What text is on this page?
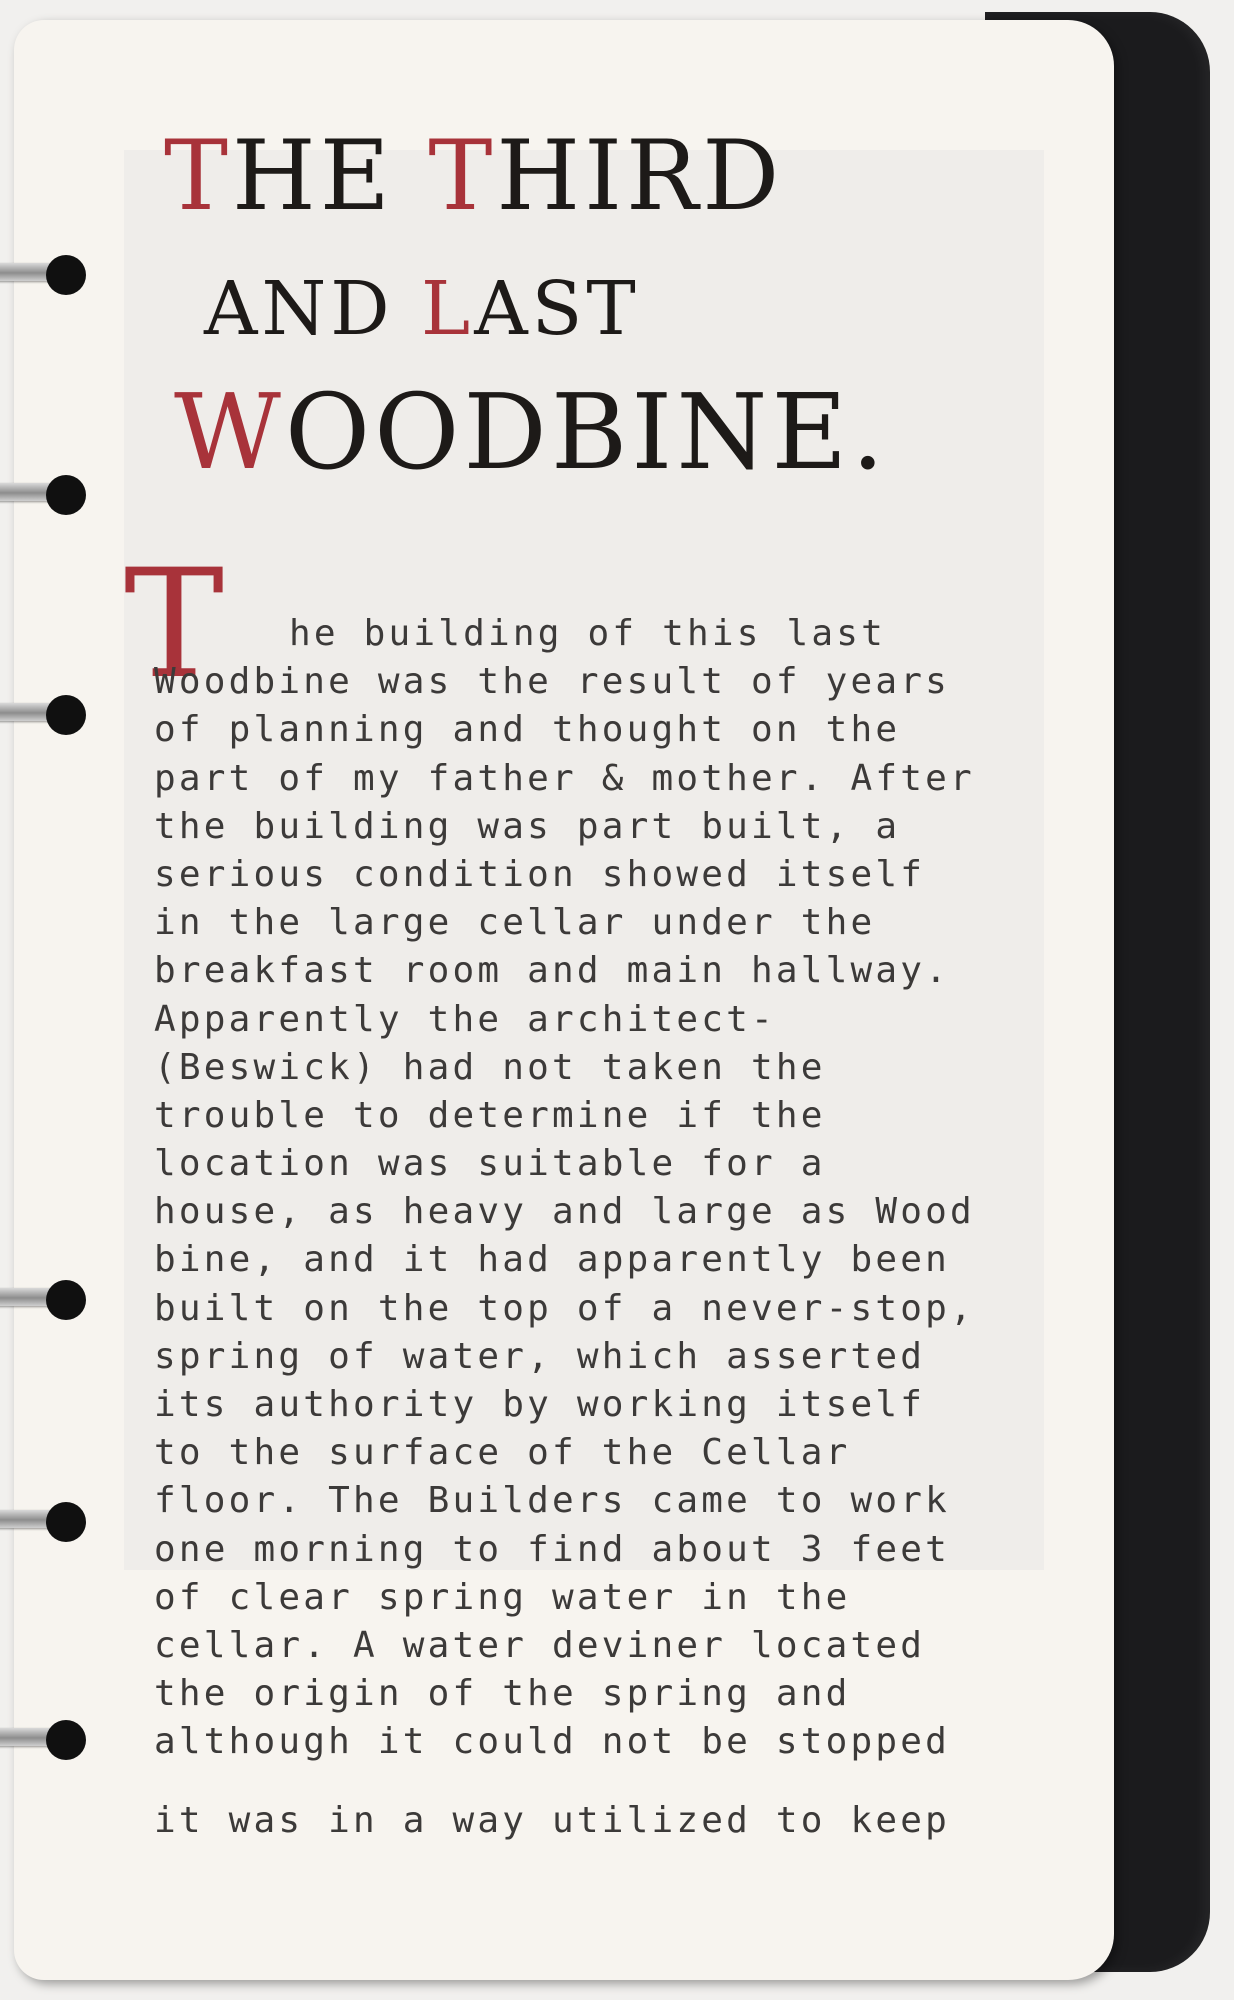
THE THIRD
AND LAST
WOODBINE.
T	he building of this last
Woodbine was the result of years
of planning and thought on the
part of my father & mother. After
the building was part built, a
serious condition showed itself
in the large cellar under the
breakfast room and main hallway.
Apparently the architect-
(Beswick) had not taken the
trouble to determine if the
location was suitable for a
house, as heavy and large as Wood
bine, and it had apparently been
built on the top of a never-stop,
spring of water, which asserted
its authority by working itself
to the surface of the Cellar
floor. The Builders came to work
one morning to find about 3 feet
of clear spring water in the
cellar. A water deviner located
the origin of the spring and
although it could not be stopped
it was in a way utilized to keep
